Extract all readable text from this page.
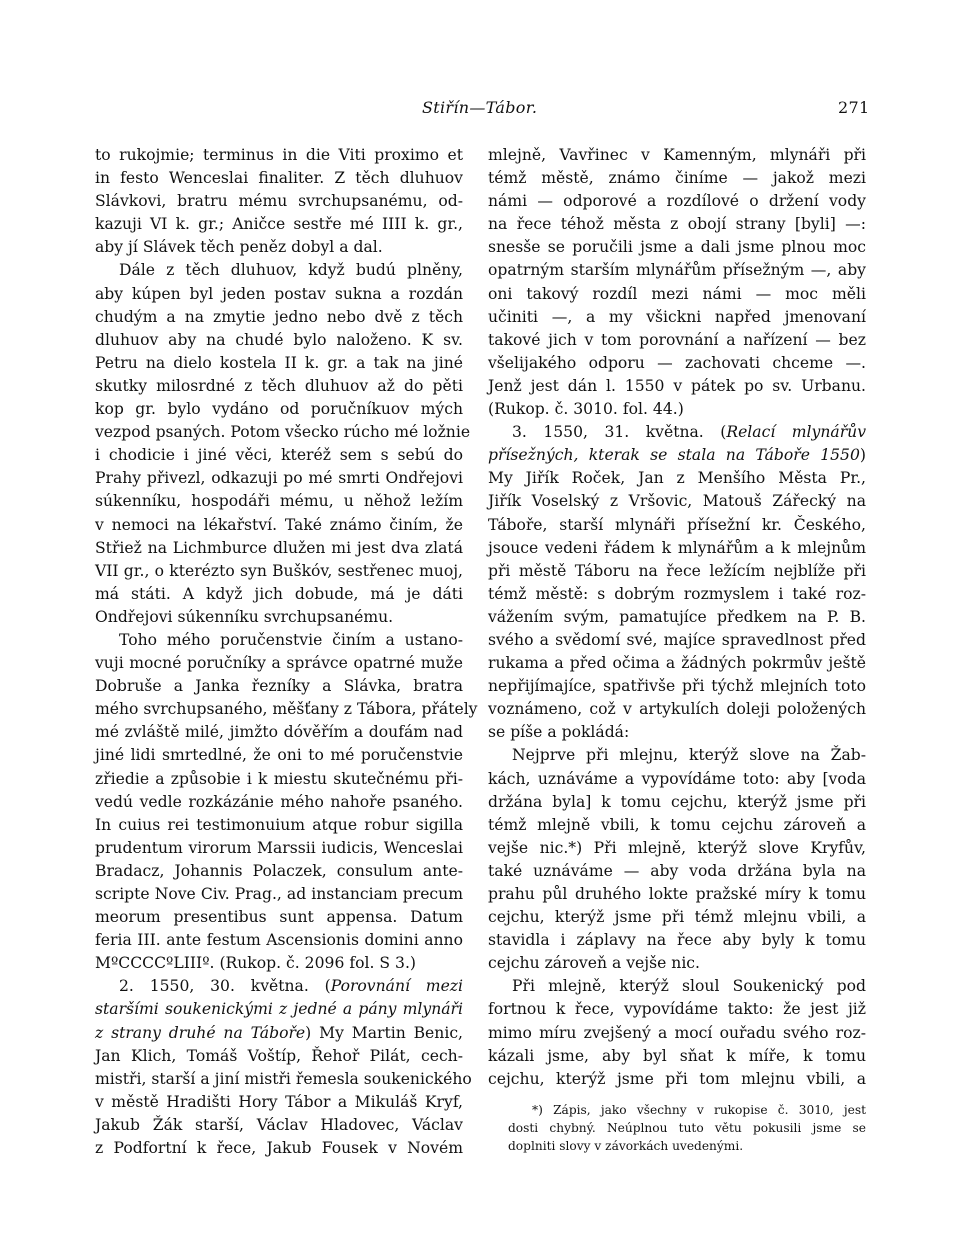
Stiřín—Tábor.	271
to rukojmie; terminus in die Viti proximo et
in festo Wenceslai finaliter. Z těch dluhuov
Slávkovi, bratru mému svrchupsanému, od-
kazuji VI k. gr.; Aničce sestře mé IIII k. gr.,
aby jí Slávek těch peněz dobyl a dal.
Dále z těch dluhuov, když budú plněny,
aby kúpen byl jeden postav sukna a rozdán
chudým a na zmytie jedno nebo dvě z těch
dluhuov aby na chudé bylo naloženo. K sv.
Petru na dielo kostela II k. gr. a tak na jiné
skutky milosrdné z těch dluhuov až do pěti
kop gr. bylo vydáno od poručníkuov mých
vezpod psaných. Potom všecko rúcho mé ložnie
i chodicie i jiné věci, kteréž sem s sebú do
Prahy přivezl, odkazuji po mé smrti Ondřejovi
súkenníku, hospodáři mému, u něhož ležím
v nemoci na lékařství. Také známo činím, že
Střiež na Lichmburce dlužen mi jest dva zlatá
VII gr., o kterézto syn Buškóv, sestřenec muoj,
má státi. A když jich dobude, má je dáti
Ondřejovi súkenníku svrchupsanému.
Toho mého poručenstvie činím a ustano-
vuji mocné poručníky a správce opatrné muže
Dobruše a Janka řezníky a Slávka, bratra
mého svrchupsaného, měšťany z Tábora, přátely
mé zvláště milé, jimžto dóvěřím a doufám nad
jiné lidi smrtedlné, že oni to mé poručenstvie
zřiedie a způsobie i k miestu skutečnému při-
vedú vedle rozkázánie mého nahoře psaného.
In cuius rei testimonuium atque robur sigilla
prudentum virorum Marssii iudicis, Wenceslai
Bradacz, Johannis Polaczek, consulum ante-
scripte Nove Civ. Prag., ad instanciam precum
meorum presentibus sunt appensa. Datum
feria III. ante festum Ascensionis domini anno
MºCCCCºLIIIº. (Rukop. č. 2096 fol. S 3.)
2. 1550, 30. května. (Porovnání mezi
staršími soukenickými z jedné a pány mlynáři
z strany druhé na Táboře) My Martin Benic,
Jan Klich, Tomáš Voštíp, Řehoř Pilát, cech-
mistři, starší a jiní mistři řemesla soukenického
v městě Hradišti Hory Tábor a Mikuláš Kryf,
Jakub Žák starší, Václav Hladovec, Václav
z Podfortní k řece, Jakub Fousek v Novém
mlejně, Vavřinec v Kamenným, mlynáři při
témž městě, známo činíme — jakož mezi
námi — odporové a rozdílové o držení vody
na řece téhož města z obojí strany [byli] —:
snesše se poručili jsme a dali jsme plnou moc
opatrným starším mlynářům přísežným —, aby
oni takový rozdíl mezi námi — moc měli
učiniti —, a my všickni napřed jmenovaní
takové jich v tom porovnání a nařízení — bez
všelijakého odporu — zachovati chceme —.
Jenž jest dán l. 1550 v pátek po sv. Urbanu.
(Rukop. č. 3010. fol. 44.)
3. 1550, 31. května. (Relací mlynářův
přísežných, kterak se stala na Táboře 1550)
My Jiřík Roček, Jan z Menšího Města Pr.,
Jiřík Voselský z Vršovic, Matouš Zářecký na
Táboře, starší mlynáři přísežní kr. Českého,
jsouce vedeni řádem k mlynářům a k mlejnům
při městě Táboru na řece ležícím nejblíže při
témž městě: s dobrým rozmyslem i také roz-
vážením svým, pamatujíce předkem na P. B.
svého a svědomí své, majíce spravedlnost před
rukama a před očima a žádných pokrmův ještě
nepřijímajíce, spatřivše při týchž mlejních toto
voznámeno, což v artykulích doleji položených
se píše a pokládá:
Nejprve při mlejnu, kterýž slove na Žab-
kách, uznáváme a vypovídáme toto: aby [voda
držána byla] k tomu cejchu, kterýž jsme při
témž mlejně vbili, k tomu cejchu zároveň a
vejše nic.*) Při mlejně, kterýž slove Kryfův,
také uznáváme — aby voda držána byla na
prahu půl druhého lokte pražské míry k tomu
cejchu, kterýž jsme při témž mlejnu vbili, a
stavidla i záplavy na řece aby byly k tomu
cejchu zároveň a vejše nic.
Při mlejně, kterýž sloul Soukenický pod
fortnou k řece, vypovídáme takto: že jest již
mimo míru zvejšený a mocí ouřadu svého roz-
kázali jsme, aby byl sňat k míře, k tomu
cejchu, kterýž jsme při tom mlejnu vbili, a
*) Zápis, jako všechny v rukopise č. 3010, jest
dosti chybný. Neúplnou tuto větu pokusili jsme se
doplniti slovy v závorkách uvedenými.
